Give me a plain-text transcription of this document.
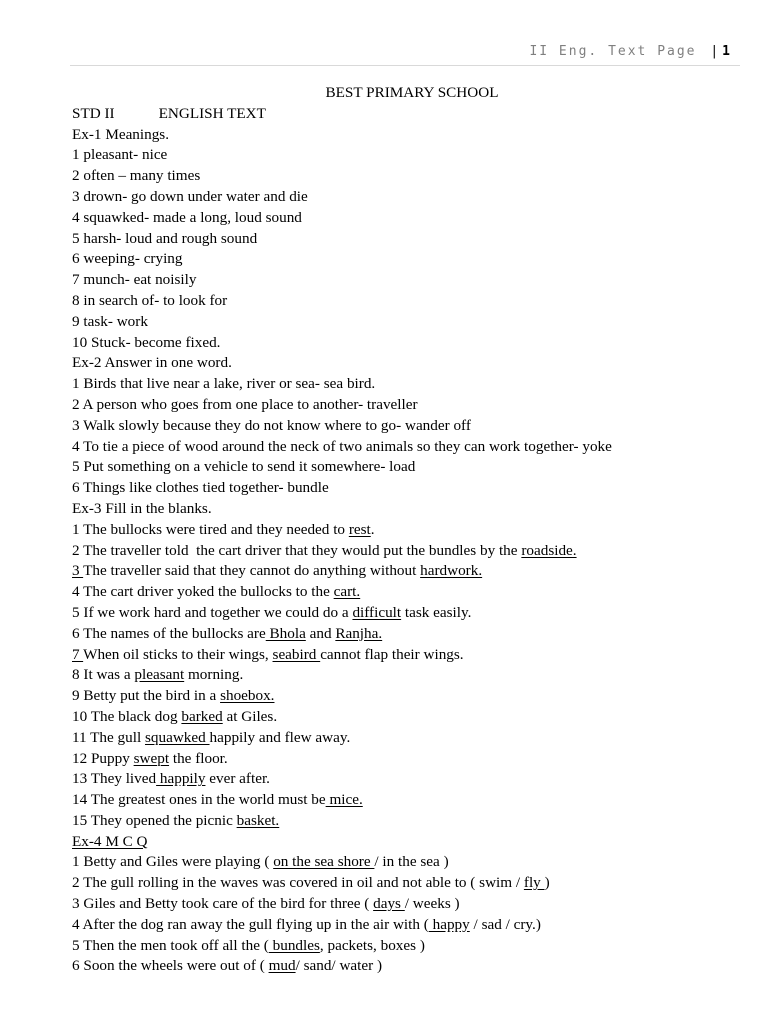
II Eng. Text Page | 1
BEST PRIMARY SCHOOL
STD II	ENGLISH TEXT
Ex-1 Meanings.
1 pleasant- nice
2 often – many times
3 drown- go down under water and die
4 squawked- made a long, loud sound
5 harsh- loud and rough sound
6 weeping- crying
7 munch- eat noisily
8 in search of- to look for
9 task- work
10 Stuck- become fixed.
Ex-2 Answer in one word.
1 Birds that live near a lake, river or sea- sea bird.
2 A person who goes from one place to another- traveller
3 Walk slowly because they do not know where to go- wander off
4 To tie a piece of wood around the neck of two animals so they can work together- yoke
5 Put something on a vehicle to send it somewhere- load
6 Things like clothes tied together- bundle
Ex-3 Fill in the blanks.
1 The bullocks were tired and they needed to rest.
2 The traveller told  the cart driver that they would put the bundles by the roadside.
3 The traveller said that they cannot do anything without hardwork.
4 The cart driver yoked the bullocks to the cart.
5 If we work hard and together we could do a difficult task easily.
6 The names of the bullocks are Bhola and Ranjha.
7 When oil sticks to their wings, seabird cannot flap their wings.
8 It was a pleasant morning.
9 Betty put the bird in a shoebox.
10 The black dog barked at Giles.
11 The gull squawked happily and flew away.
12 Puppy swept the floor.
13 They lived happily ever after.
14 The greatest ones in the world must be mice.
15 They opened the picnic basket.
Ex-4 M C Q
1 Betty and Giles were playing ( on the sea shore / in the sea )
2 The gull rolling in the waves was covered in oil and not able to ( swim / fly )
3 Giles and Betty took care of the bird for three ( days / weeks )
4 After the dog ran away the gull flying up in the air with ( happy / sad / cry.)
5 Then the men took off all the ( bundles, packets, boxes )
6 Soon the wheels were out of ( mud/ sand/ water )
